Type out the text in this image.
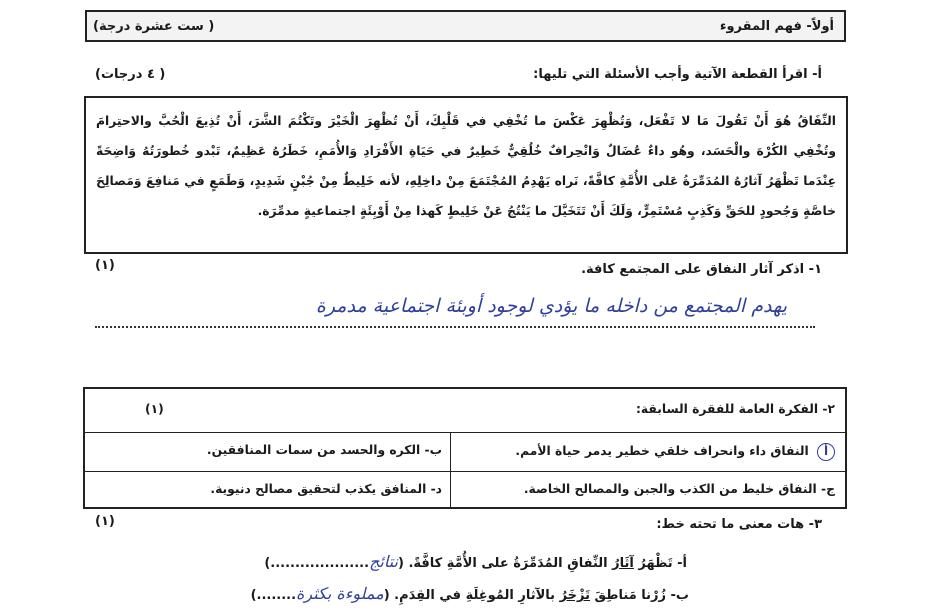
أولاً- فهم المقروء
( ست عشرة درجة)
أ- اقرأ القطعة الآتية وأجب الأسئلة التي تليها:
( ٤ درجات)
النِّفَاقُ هُوَ أَنْ تَقُولَ مَا لا تَفْعَل، وَتُظْهِرَ عَكْسَ ما تُخْفِي في قَلْبِكَ، أَنْ تُظْهِرَ الْخَيْرَ وتَكْتُمَ الشَّرَ، أَنْ تُذِيعَ الْحُبَّ والاحتِرامَ وتُخْفِي الكُرْهَ والْحَسَد، وهُو داءٌ عُضَالٌ وَانْحِرافٌ خُلُقِيٌّ خَطِيرٌ في حَيَاةِ الأَفْرَادِ وَالأُمَمِ، خَطَرُهُ عَظِيمٌ، تَبْدو خُطورَتُهُ وَاضِحَةً عِنْدَما تَظْهَرُ آثارُهُ المُدَمِّرَةُ عَلى الأُمَّةِ كافَّةً، نَراه يَهْدِمُ المُجْتَمَعَ مِنْ داخِلِهِ، لأنه خَلِيطٌ مِنْ جُبْنٍ شَدِيدٍ، وَطَمَعٍ في مَنافِعَ وَمَصالِحَ خاصَّةٍ وَجُحودٍ للحَقِّ وَكَذِبٍ مُسْتَمِرٍّ، وَلَكَ أَنْ تَتَخَيَّلَ ما يَنْتُجُ عَنْ خَلِيطٍ كَهذا مِنْ أَوْبِئَةٍ اجتماعيةٍ مدمِّرَة.
١- اذكر آثار النفاق على المجتمع كافة.
(١)
يهدم المجتمع من داخله ما يؤدي لوجود أوبئة اجتماعية مدمرة
٢- الفكرة العامة للفقرة السابقة:
(١)
أ النفاق داء وانحراف خلقي خطير يدمر حياة الأمم.
ب- الكره والحسد من سمات المنافقين.
ج- النفاق خليط من الكذب والجبن والمصالح الخاصة.
د- المنافق يكذب لتحقيق مصالح دنيوية.
٣- هات معنى ما تحته خط:
(١)
أ- تَظْهَرُ آثَارُ النِّفاقِ المُدَمِّرَةُ على الأُمَّةِ كافَّةً. (نتائج....................)
ب- زُرْنا مَناطِقَ تَزْخَرُ بالآثارِ المُوغِلَةِ في القِدَمِ. (مملوءة بكثرة........)
